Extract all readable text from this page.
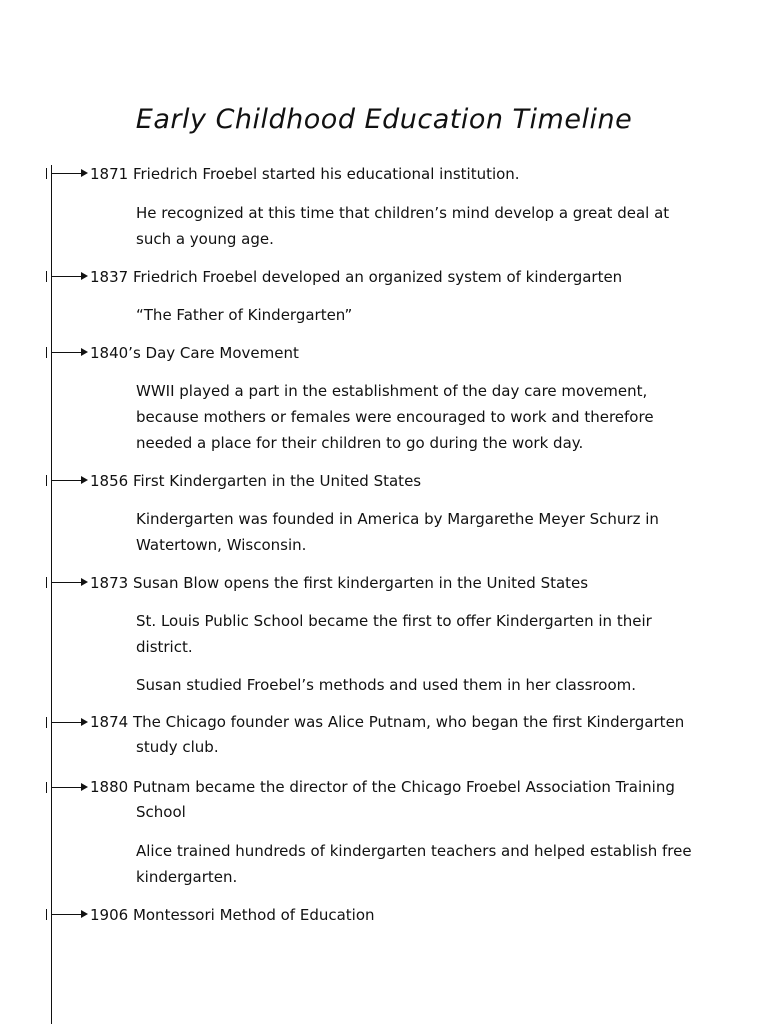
Early Childhood Education Timeline
1871 Friedrich Froebel started his educational institution.
He recognized at this time that children’s mind develop a great deal at such a young age.
1837 Friedrich Froebel developed an organized system of kindergarten
“The Father of Kindergarten”
1840’s Day Care Movement
WWII played a part in the establishment of the day care movement, because mothers or females were encouraged to work and therefore needed a place for their children to go during the work day.
1856 First Kindergarten in the United States
Kindergarten was founded in America by Margarethe Meyer Schurz in Watertown, Wisconsin.
1873 Susan Blow opens the first kindergarten in the United States
St. Louis Public School became the first to offer Kindergarten in their district.
Susan studied Froebel’s methods and used them in her classroom.
1874 The Chicago founder was Alice Putnam, who began the first Kindergarten
study club.
1880 Putnam became the director of the Chicago Froebel Association Training
School
Alice trained hundreds of kindergarten teachers and helped establish free kindergarten.
1906 Montessori Method of Education
